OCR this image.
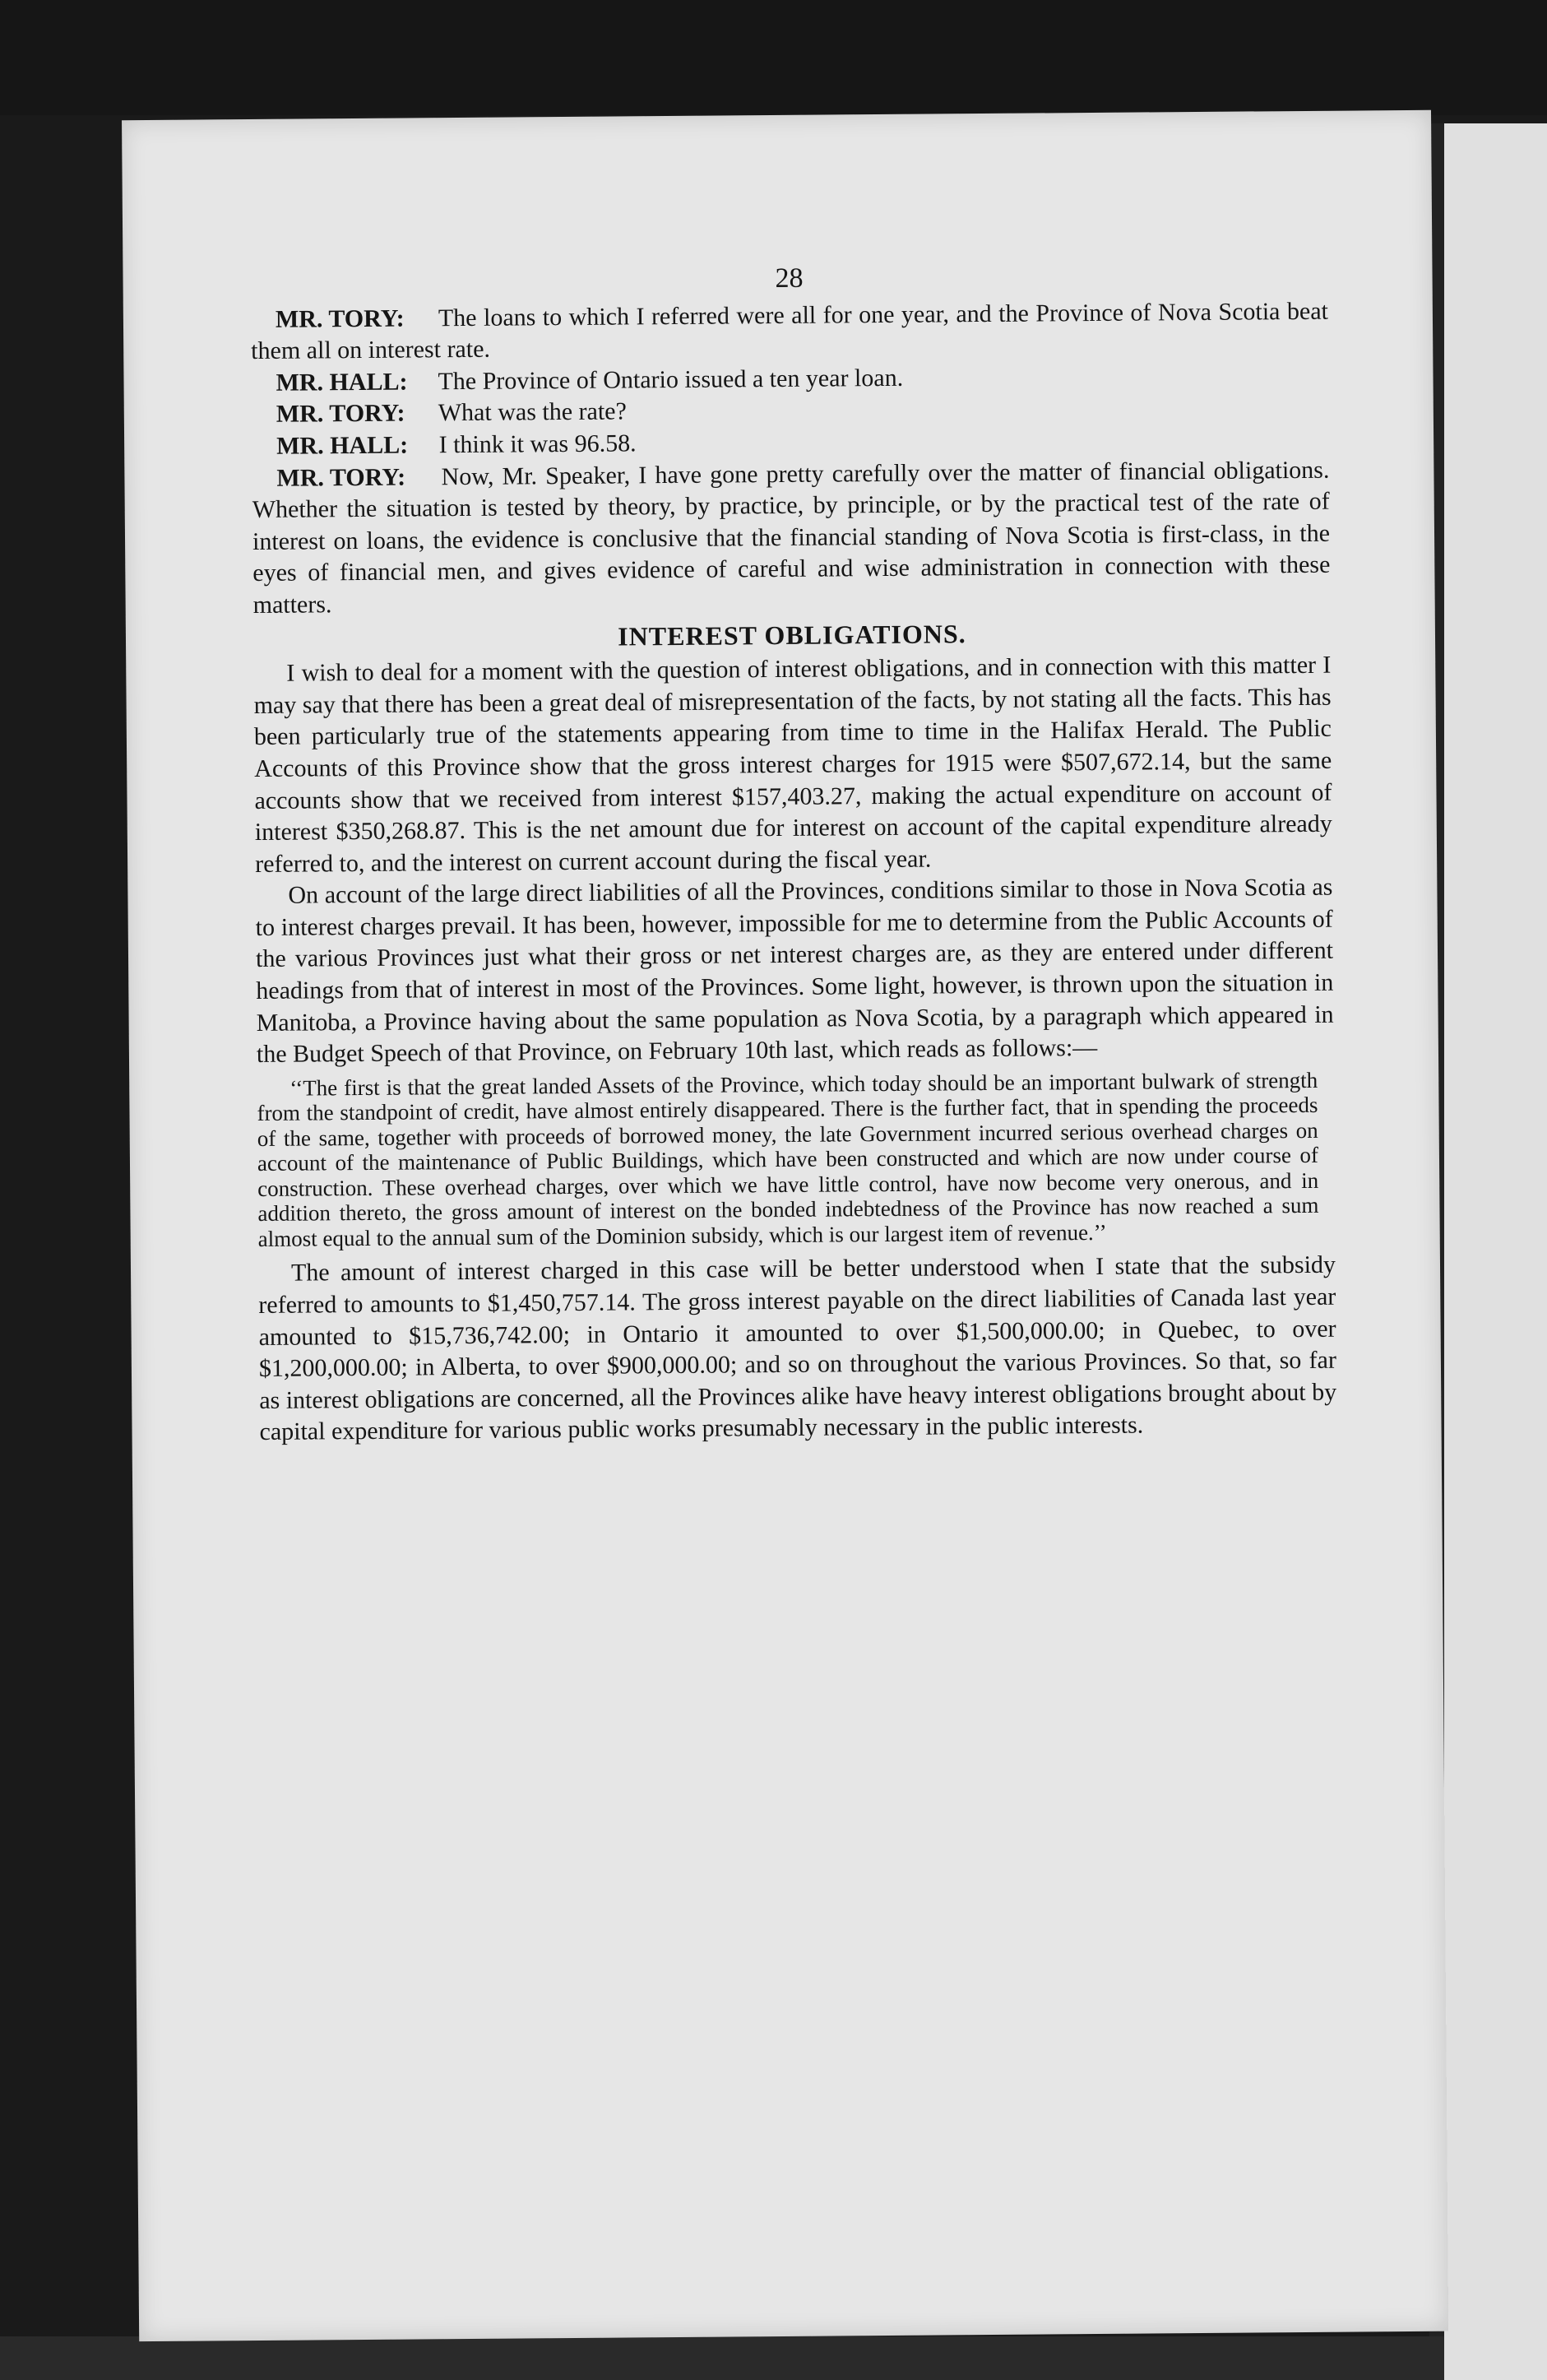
28

MR. TORY: The loans to which I referred were all for one year, and the Province of Nova Scotia beat them all on interest rate.

MR. HALL: The Province of Ontario issued a ten year loan.

MR. TORY: What was the rate?

MR. HALL: I think it was 96.58.

MR. TORY: Now, Mr. Speaker, I have gone pretty carefully over the matter of financial obligations. Whether the situation is tested by theory, by practice, by principle, or by the practical test of the rate of interest on loans, the evidence is conclusive that the financial standing of Nova Scotia is first-class, in the eyes of financial men, and gives evidence of careful and wise administration in connection with these matters.

INTEREST OBLIGATIONS.

I wish to deal for a moment with the question of interest obligations, and in connection with this matter I may say that there has been a great deal of misrepresentation of the facts, by not stating all the facts. This has been particularly true of the statements appearing from time to time in the Halifax Herald. The Public Accounts of this Province show that the gross interest charges for 1915 were $507,672.14, but the same accounts show that we received from interest $157,403.27, making the actual expenditure on account of interest $350,268.87. This is the net amount due for interest on account of the capital expenditure already referred to, and the interest on current account during the fiscal year.

On account of the large direct liabilities of all the Provinces, conditions similar to those in Nova Scotia as to interest charges prevail. It has been, however, impossible for me to determine from the Public Accounts of the various Provinces just what their gross or net interest charges are, as they are entered under different headings from that of interest in most of the Provinces. Some light, however, is thrown upon the situation in Manitoba, a Province having about the same population as Nova Scotia, by a paragraph which appeared in the Budget Speech of that Province, on February 10th last, which reads as follows:—

‘‘The first is that the great landed Assets of the Province, which today should be an important bulwark of strength from the standpoint of credit, have almost entirely disappeared. There is the further fact, that in spending the proceeds of the same, together with proceeds of borrowed money, the late Government incurred serious overhead charges on account of the maintenance of Public Buildings, which have been constructed and which are now under course of construction. These overhead charges, over which we have little control, have now become very onerous, and in addition thereto, the gross amount of interest on the bonded indebtedness of the Province has now reached a sum almost equal to the annual sum of the Dominion subsidy, which is our largest item of revenue.’’

The amount of interest charged in this case will be better understood when I state that the subsidy referred to amounts to $1,450,757.14. The gross interest payable on the direct liabilities of Canada last year amounted to $15,736,742.00; in Ontario it amounted to over $1,500,000.00; in Quebec, to over $1,200,000.00; in Alberta, to over $900,000.00; and so on throughout the various Provinces. So that, so far as interest obligations are concerned, all the Provinces alike have heavy interest obligations brought about by capital expenditure for various public works presumably necessary in the public interests.
